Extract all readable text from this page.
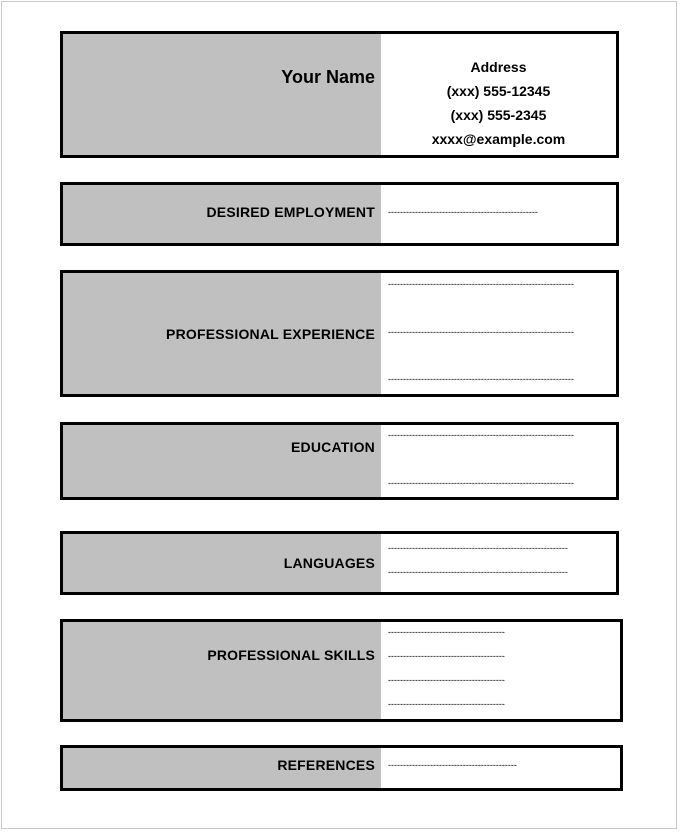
Your Name	Address
(xxx) 555-12345
(xxx) 555-2345
xxxx@example.com
DESIRED EMPLOYMENT --------------------------------------------------
PROFESSIONAL EXPERIENCE
--------------------------------------------------------------
--------------------------------------------------------------
--------------------------------------------------------------
EDUCATION
--------------------------------------------------------------
--------------------------------------------------------------
LANGUAGES
------------------------------------------------------------
------------------------------------------------------------
PROFESSIONAL SKILLS
---------------------------------------
---------------------------------------
---------------------------------------
---------------------------------------
REFERENCES -------------------------------------------
